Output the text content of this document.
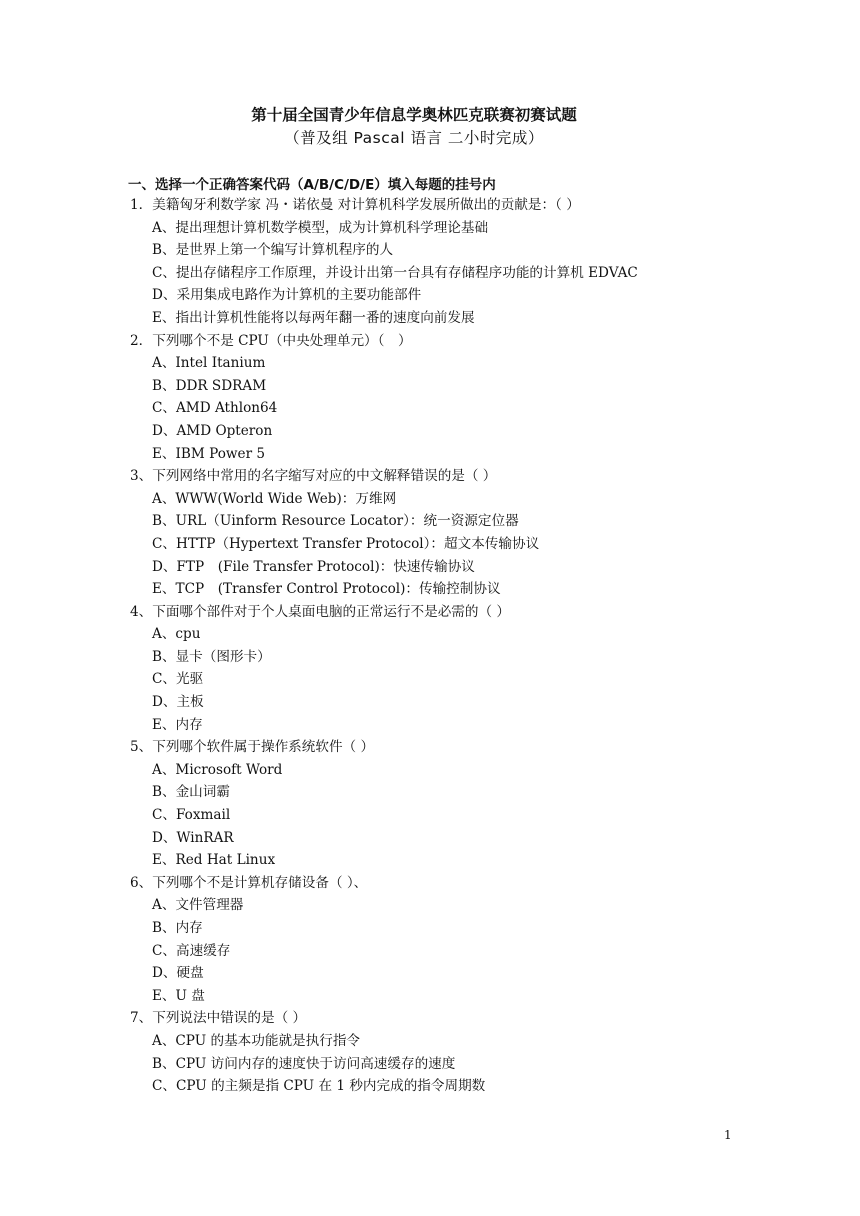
第十届全国青少年信息学奥林匹克联赛初赛试题
（普及组 Pascal 语言 二小时完成）
一、选择一个正确答案代码（A/B/C/D/E）填入每题的挂号内
1．美籍匈牙利数学家 冯・诺依曼 对计算机科学发展所做出的贡献是：（ ）
A、提出理想计算机数学模型，成为计算机科学理论基础
B、是世界上第一个编写计算机程序的人
C、提出存储程序工作原理，并设计出第一台具有存储程序功能的计算机 EDVAC
D、采用集成电路作为计算机的主要功能部件
E、指出计算机性能将以每两年翻一番的速度向前发展
2．下列哪个不是 CPU（中央处理单元）（　）
A、Intel Itanium
B、DDR SDRAM
C、AMD Athlon64
D、AMD Opteron
E、IBM Power 5
3、下列网络中常用的名字缩写对应的中文解释错误的是（ ）
A、WWW(World Wide Web)：万维网
B、URL（Uinform Resource Locator）：统一资源定位器
C、HTTP（Hypertext Transfer Protocol）：超文本传输协议
D、FTP　(File Transfer Protocol)：快速传输协议
E、TCP　(Transfer Control Protocol)：传输控制协议
4、下面哪个部件对于个人桌面电脑的正常运行不是必需的（ ）
A、cpu
B、显卡（图形卡）
C、光驱
D、主板
E、内存
5、下列哪个软件属于操作系统软件（ ）
A、Microsoft Word
B、金山词霸
C、Foxmail
D、WinRAR
E、Red Hat Linux
6、下列哪个不是计算机存储设备（ ）、
A、文件管理器
B、内存
C、高速缓存
D、硬盘
E、U 盘
7、下列说法中错误的是（ ）
A、CPU 的基本功能就是执行指令
B、CPU 访问内存的速度快于访问高速缓存的速度
C、CPU 的主频是指 CPU 在 1 秒内完成的指令周期数
1
